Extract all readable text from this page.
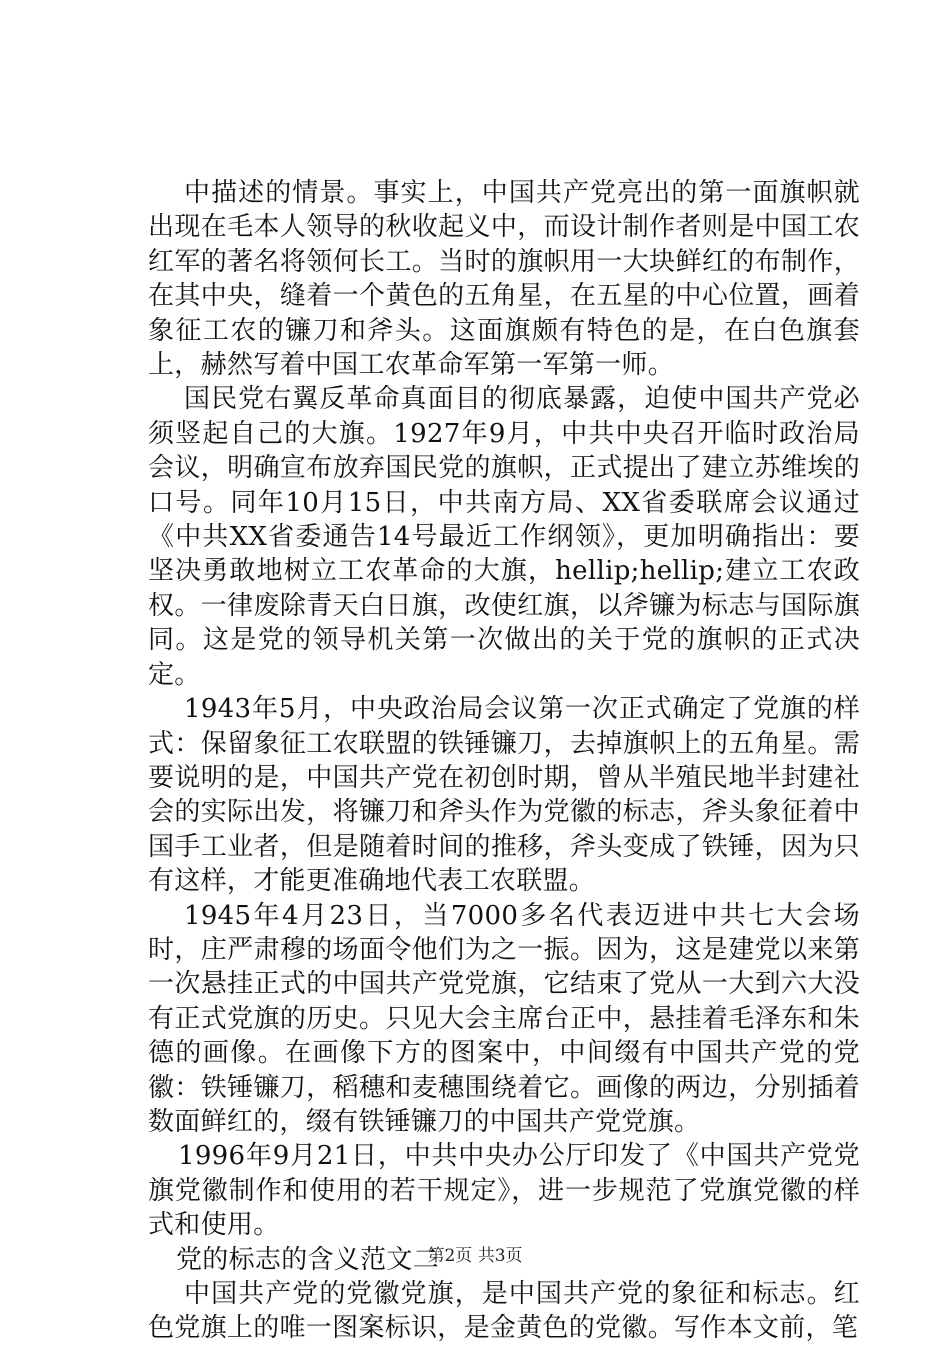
中描述的情景。事实上，中国共产党亮出的第一面旗帜就出现在毛本人领导的秋收起义中，而设计制作者则是中国工农红军的著名将领何长工。当时的旗帜用一大块鲜红的布制作，在其中央，缝着一个黄色的五角星，在五星的中心位置，画着象征工农的镰刀和斧头。这面旗颇有特色的是，在白色旗套上，赫然写着中国工农革命军第一军第一师。

国民党右翼反革命真面目的彻底暴露，迫使中国共产党必须竖起自己的大旗。1927年9月，中共中央召开临时政治局会议，明确宣布放弃国民党的旗帜，正式提出了建立苏维埃的口号。同年10月15日，中共南方局、XX省委联席会议通过《中共XX省委通告14号最近工作纲领》，更加明确指出：要坚决勇敢地树立工农革命的大旗，hellip;hellip;建立工农政权。一律废除青天白日旗，改使红旗，以斧镰为标志与国际旗同。这是党的领导机关第一次做出的关于党的旗帜的正式决定。

1943年5月，中央政治局会议第一次正式确定了党旗的样式：保留象征工农联盟的铁锤镰刀，去掉旗帜上的五角星。需要说明的是，中国共产党在初创时期，曾从半殖民地半封建社会的实际出发，将镰刀和斧头作为党徽的标志，斧头象征着中国手工业者，但是随着时间的推移，斧头变成了铁锤，因为只有这样，才能更准确地代表工农联盟。

1945年4月23日，当7000多名代表迈进中共七大会场时，庄严肃穆的场面令他们为之一振。因为，这是建党以来第一次悬挂正式的中国共产党党旗，它结束了党从一大到六大没有正式党旗的历史。只见大会主席台正中，悬挂着毛泽东和朱德的画像。在画像下方的图案中，中间缀有中国共产党的党徽：铁锤镰刀，稻穗和麦穗围绕着它。画像的两边，分别插着数面鲜红的，缀有铁锤镰刀的中国共产党党旗。

1996年9月21日，中共中央办公厅印发了《中国共产党党旗党徽制作和使用的若干规定》，进一步规范了党旗党徽的样式和使用。

党的标志的含义范文二

中国共产党的党徽党旗，是中国共产党的象征和标志。红色党旗上的唯一图案标识，是金黄色的党徽。写作本文前，笔

第2页 共3页
